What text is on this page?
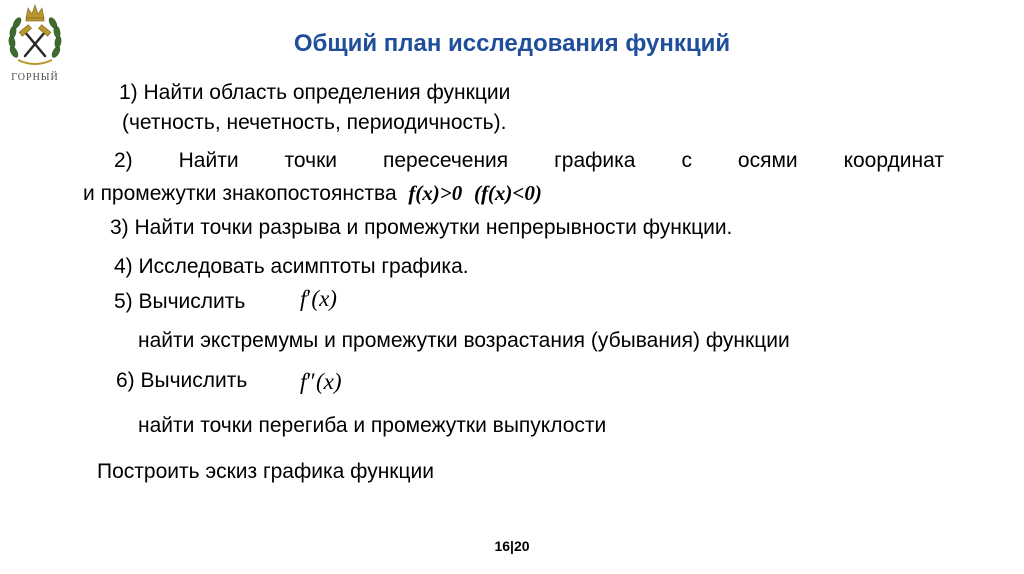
ГОРНЫЙ
Общий план исследования функций
1) Найти область определения функции
(четность, нечетность, периодичность).
2) Найти точки пересечения графика с осями координат
и промежутки знакопостоянства f(x)>0 (f(x)<0)
3) Найти точки разрыва и промежутки непрерывности функции.
4) Исследовать асимптоты графика.
5) Вычислить f′(x)
найти экстремумы и промежутки возрастания (убывания) функции
6) Вычислить f″(x)
найти точки перегиба и промежутки выпуклости
Построить эскиз графика функции
16|20
